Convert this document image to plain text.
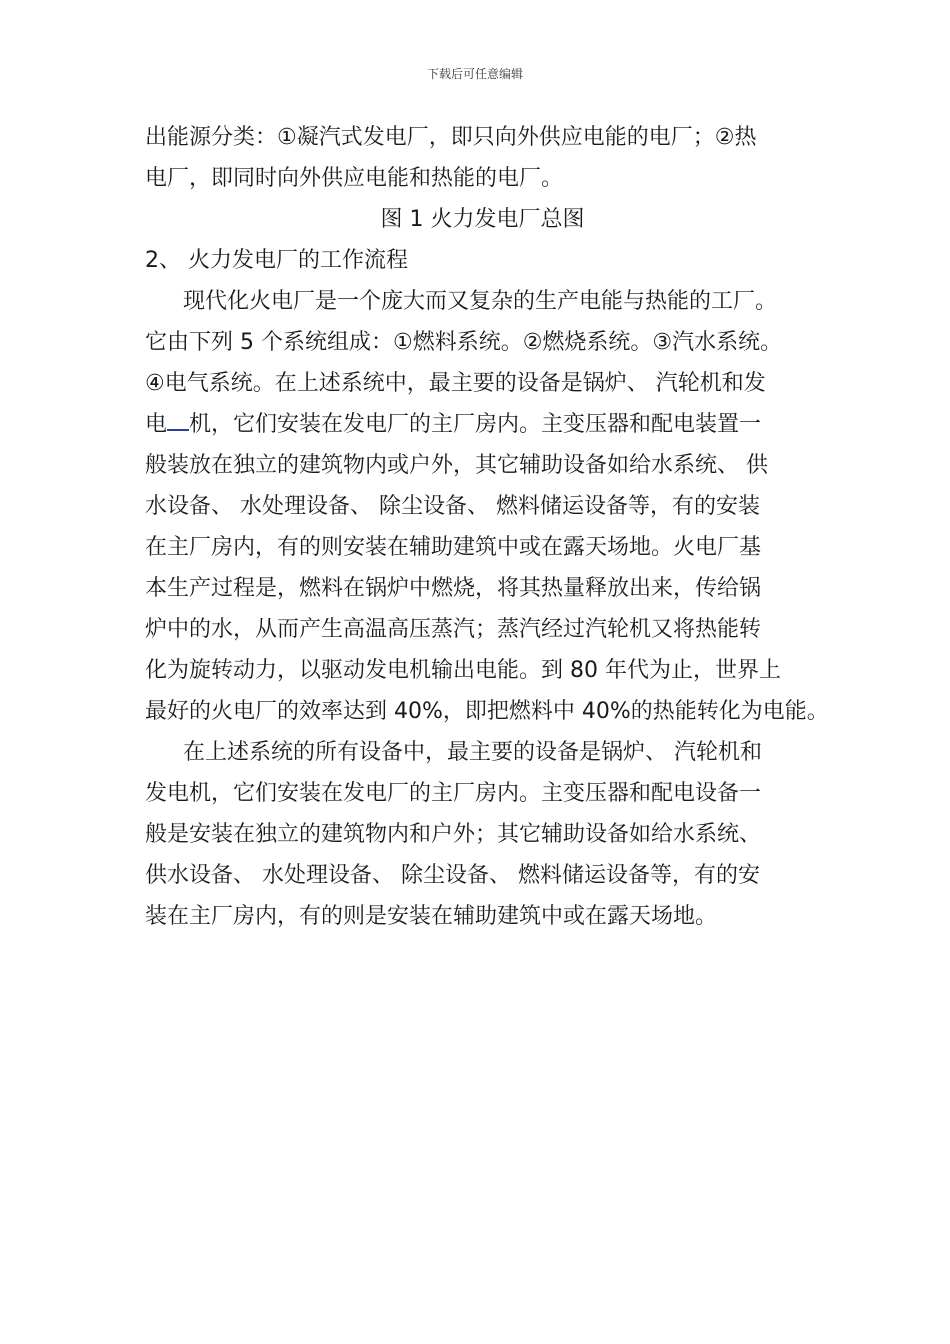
下载后可任意编辑
出能源分类：①凝汽式发电厂，即只向外供应电能的电厂；②热
电厂，即同时向外供应电能和热能的电厂。
图 1 火力发电厂总图
2、 火力发电厂的工作流程
现代化火电厂是一个庞大而又复杂的生产电能与热能的工厂。
它由下列 5 个系统组成：①燃料系统。②燃烧系统。③汽水系统。
④电气系统。在上述系统中，最主要的设备是锅炉、 汽轮机和发
电 机，它们安装在发电厂的主厂房内。主变压器和配电装置一
般装放在独立的建筑物内或户外，其它辅助设备如给水系统、 供
水设备、 水处理设备、 除尘设备、 燃料储运设备等，有的安装
在主厂房内，有的则安装在辅助建筑中或在露天场地。火电厂基
本生产过程是，燃料在锅炉中燃烧，将其热量释放出来，传给锅
炉中的水，从而产生高温高压蒸汽；蒸汽经过汽轮机又将热能转
化为旋转动力，以驱动发电机输出电能。到 80 年代为止，世界上
最好的火电厂的效率达到 40%，即把燃料中 40%的热能转化为电能。
在上述系统的所有设备中，最主要的设备是锅炉、 汽轮机和
发电机，它们安装在发电厂的主厂房内。主变压器和配电设备一
般是安装在独立的建筑物内和户外；其它辅助设备如给水系统、
供水设备、 水处理设备、 除尘设备、 燃料储运设备等，有的安
装在主厂房内，有的则是安装在辅助建筑中或在露天场地。
